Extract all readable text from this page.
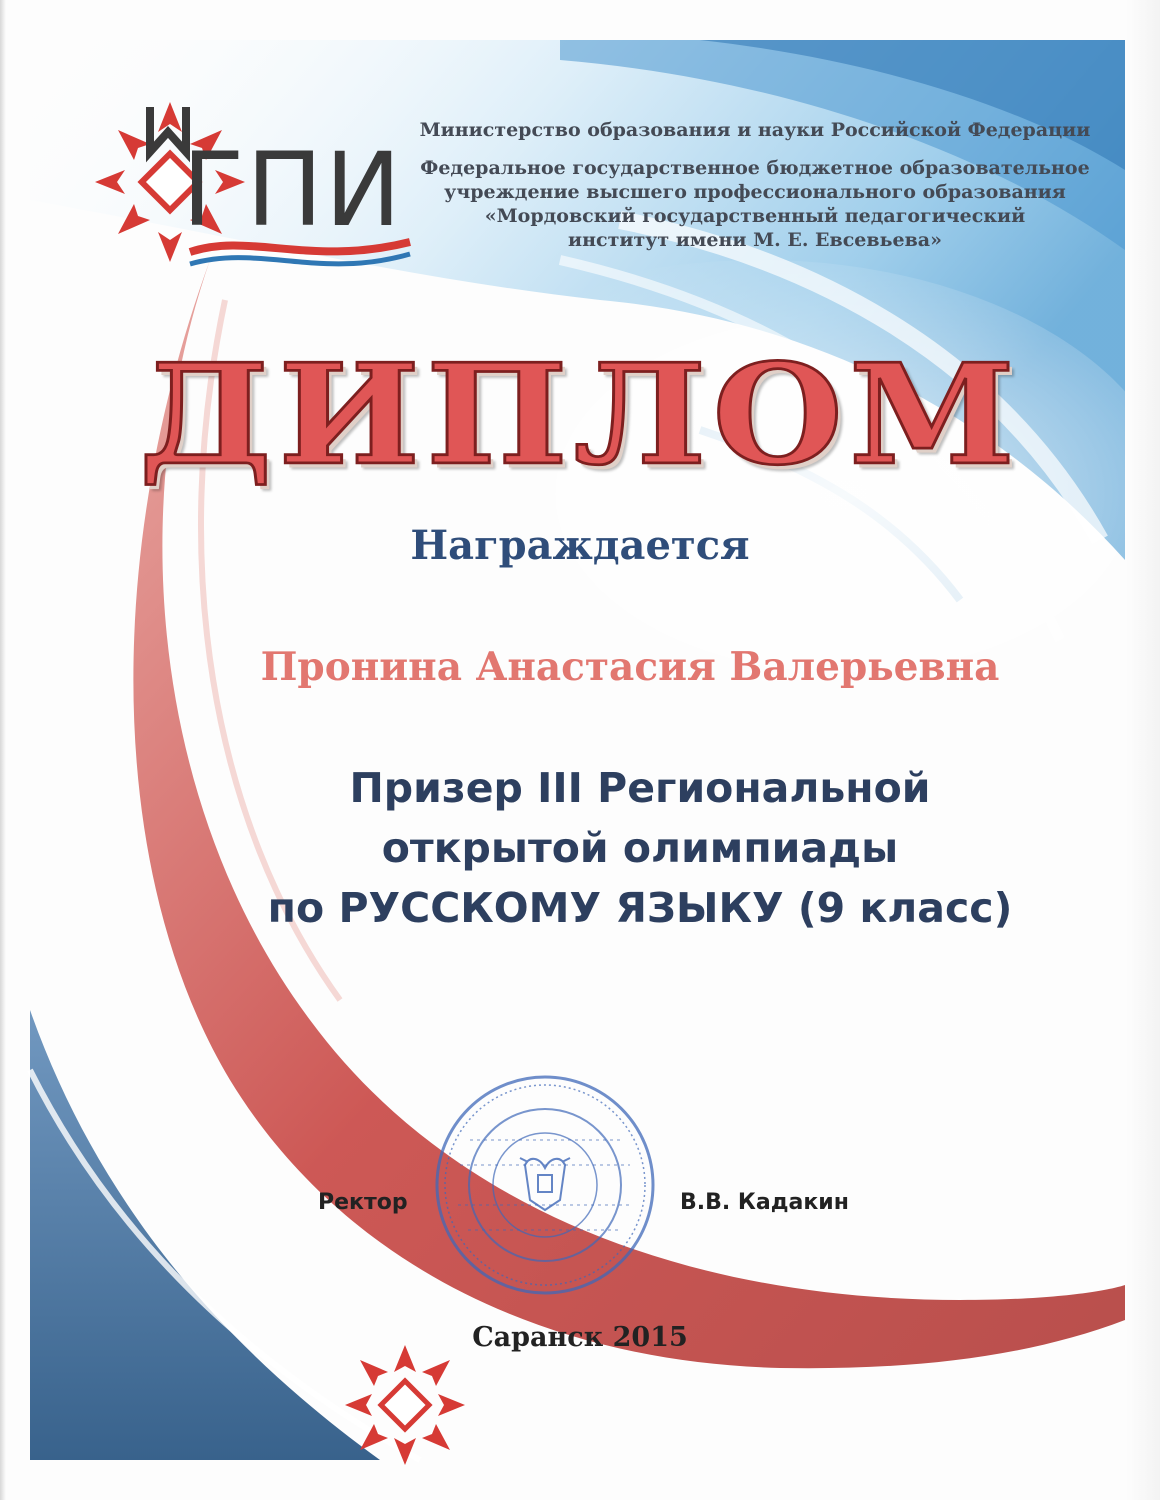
ГПИ
Министерство образования и науки Российской Федерации
Федеральное государственное бюджетное образовательное
учреждение высшего профессионального образования
«Мордовский государственный педагогический
институт имени М. Е. Евсевьева»
ДИПЛОМ
Награждается
Пронина Анастасия Валерьевна
Призер III Региональной
открытой олимпиады
по РУССКОМУ ЯЗЫКУ (9 класс)
Ректор	В.В. Кадакин
Саранск 2015
